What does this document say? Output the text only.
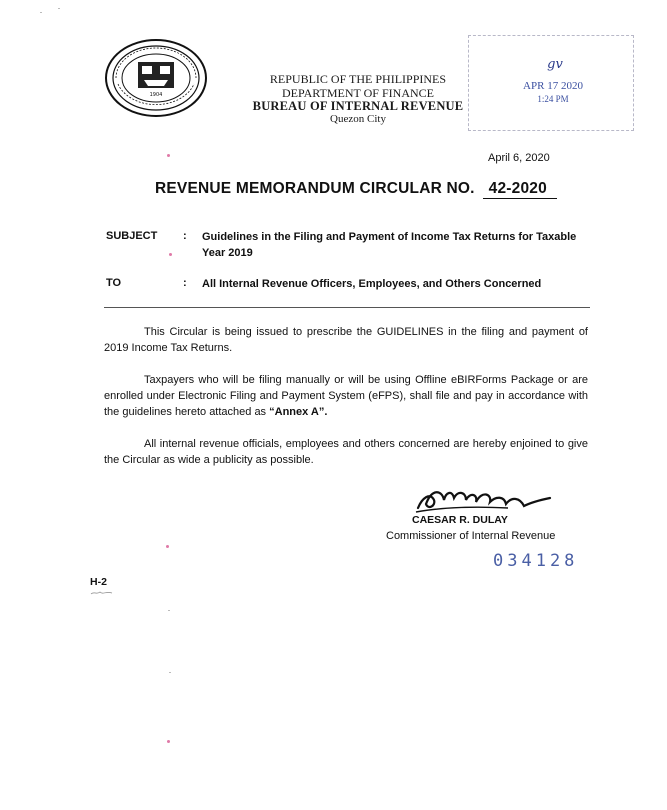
1904
REPUBLIC OF THE PHILIPPINES
DEPARTMENT OF FINANCE
BUREAU OF INTERNAL REVENUE
Quezon City
gv
APR 17 2020
1:24 PM
April 6, 2020
REVENUE MEMORANDUM CIRCULAR NO. 42-2020
SUBJECT : Guidelines in the Filing and Payment of Income Tax Returns for Taxable
Year 2019
TO	: All Internal Revenue Officers, Employees, and Others Concerned
This Circular is being issued to prescribe the GUIDELINES in the filing and payment of 2019 Income Tax Returns.
Taxpayers who will be filing manually or will be using Offline eBIRForms Package or are enrolled under Electronic Filing and Payment System (eFPS), shall file and pay in accordance with the guidelines hereto attached as “Annex A”.
All internal revenue officials, employees and others concerned are hereby enjoined to give the Circular as wide a publicity as possible.
CAESAR R. DULAY
Commissioner of Internal Revenue
034128
H-2
